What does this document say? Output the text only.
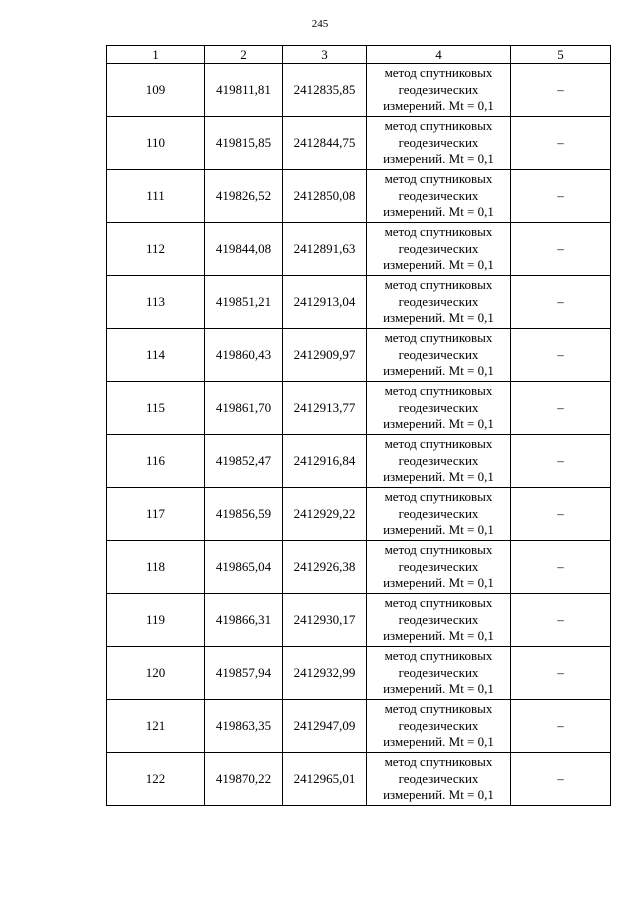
245
1	2	3	4	5
109	419811,81	2412835,85	метод спутниковых
геодезических
измерений. Mt = 0,1	–
110	419815,85	2412844,75	метод спутниковых
геодезических
измерений. Mt = 0,1	–
111	419826,52	2412850,08	метод спутниковых
геодезических
измерений. Mt = 0,1	–
112	419844,08	2412891,63	метод спутниковых
геодезических
измерений. Mt = 0,1	–
113	419851,21	2412913,04	метод спутниковых
геодезических
измерений. Mt = 0,1	–
114	419860,43	2412909,97	метод спутниковых
геодезических
измерений. Mt = 0,1	–
115	419861,70	2412913,77	метод спутниковых
геодезических
измерений. Mt = 0,1	–
116	419852,47	2412916,84	метод спутниковых
геодезических
измерений. Mt = 0,1	–
117	419856,59	2412929,22	метод спутниковых
геодезических
измерений. Mt = 0,1	–
118	419865,04	2412926,38	метод спутниковых
геодезических
измерений. Mt = 0,1	–
119	419866,31	2412930,17	метод спутниковых
геодезических
измерений. Mt = 0,1	–
120	419857,94	2412932,99	метод спутниковых
геодезических
измерений. Mt = 0,1	–
121	419863,35	2412947,09	метод спутниковых
геодезических
измерений. Mt = 0,1	–
122	419870,22	2412965,01	метод спутниковых
геодезических
измерений. Mt = 0,1	–
